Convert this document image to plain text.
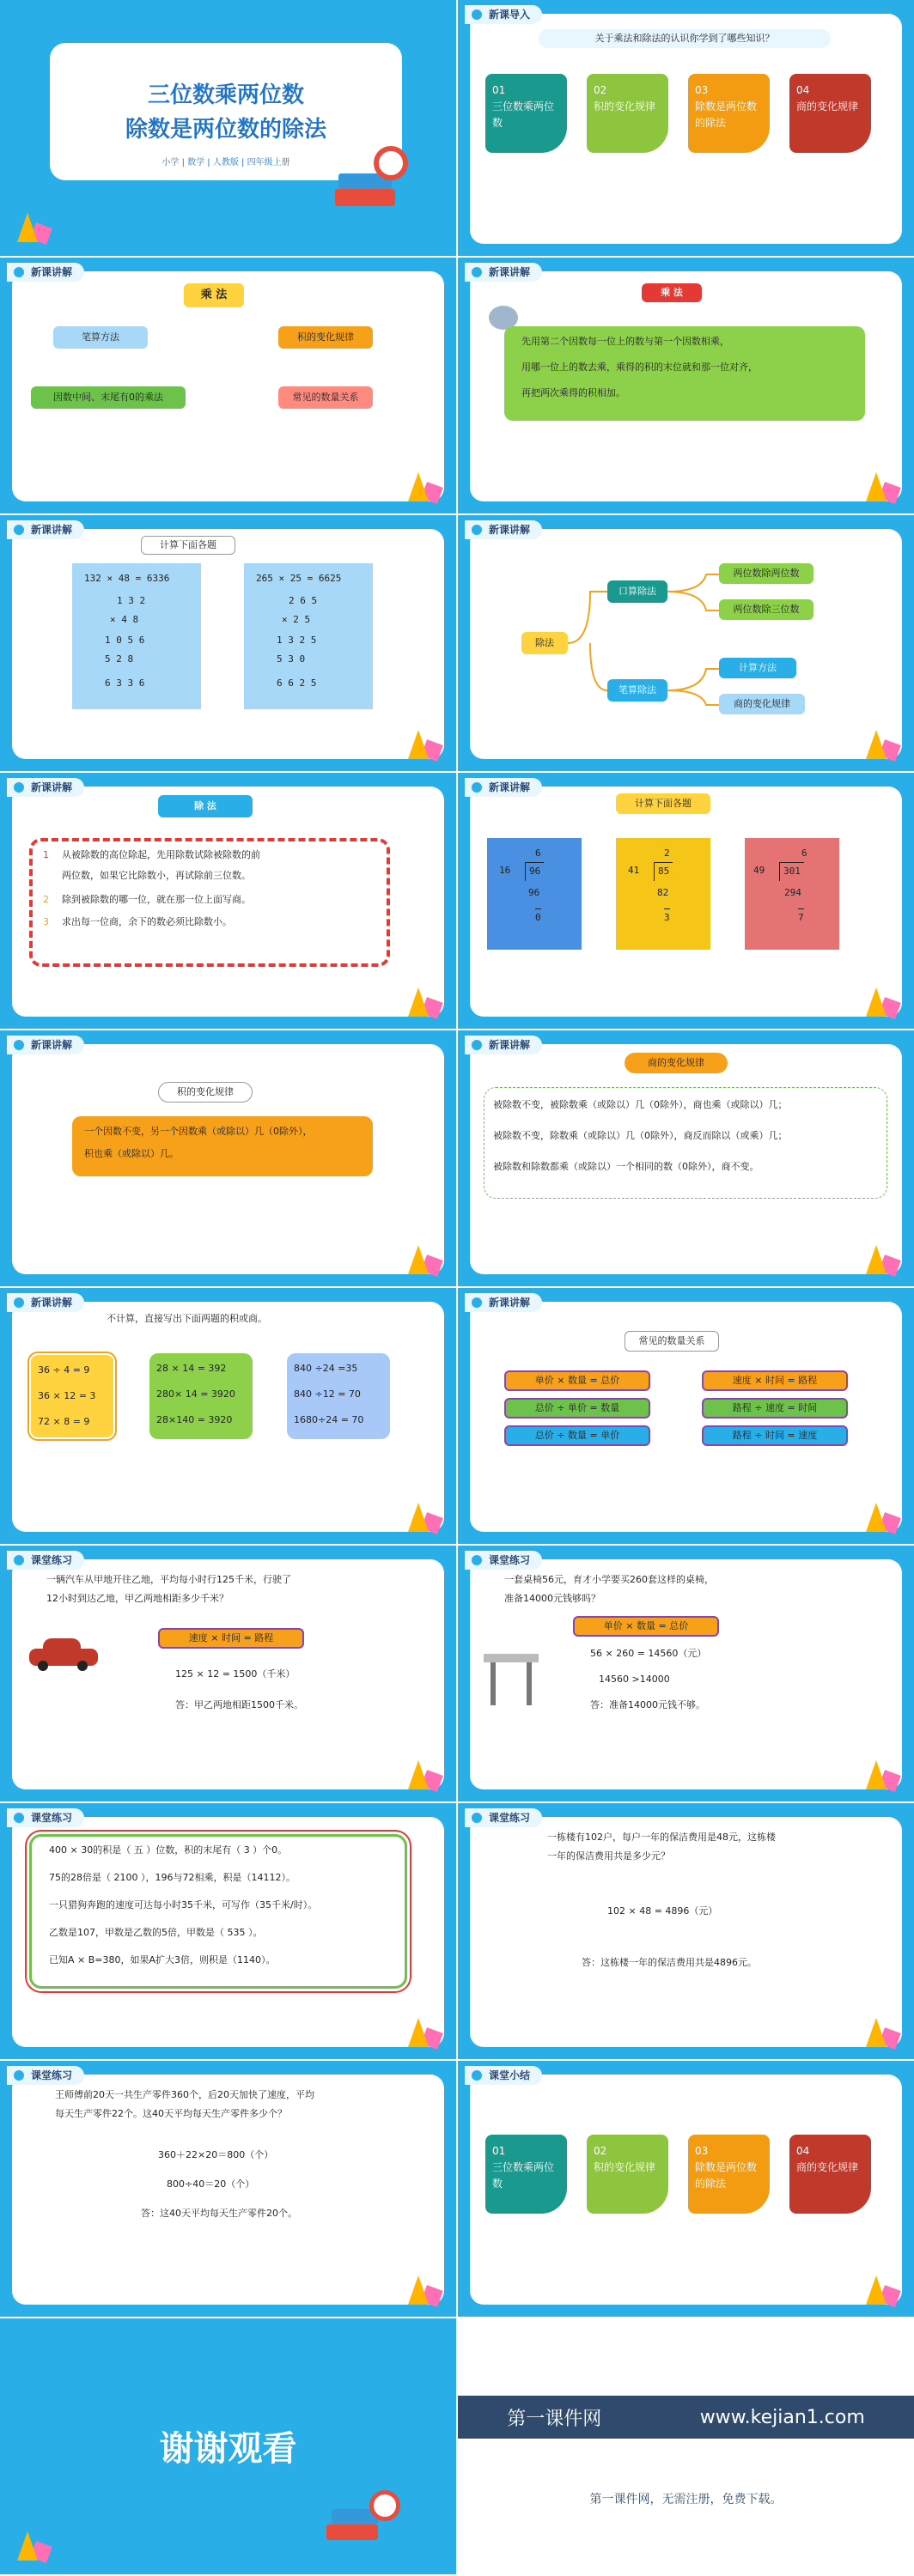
三位数乘两位数
除数是两位数的除法
小学 | 数学 | 人教版 | 四年级上册
关于乘法和除法的认识你学到了哪些知识？
01
三位数乘两位数
02
积的变化规律
03
除数是两位数的除法
04
商的变化规律
新课导入
乘 法
笔算方法	积的变化规律
因数中间、末尾有0的乘法	常见的数量关系
新课讲解
乘 法
先用第二个因数每一位上的数与第一个因数相乘，
用哪一位上的数去乘，乘得的积的末位就和那一位对齐，
再把两次乘得的积相加。
新课讲解
计算下面各题
132 × 48 = 6336
1 3 2
× 4 8
1 0 5 6
5 2 8
6 3 3 6
265 × 25 = 6625
2 6 5
× 2 5
1 3 2 5
5 3 0
6 6 2 5
新课讲解
除法
口算除法
笔算除法
两位数除两位数
两位数除三位数
计算方法
商的变化规律
新课讲解
除 法
1 从被除数的高位除起，先用除数试除被除数的前
两位数，如果它比除数小，再试除前三位数。
2 除到被除数的哪一位，就在那一位上面写商。
3 求出每一位商，余下的数必须比除数小。
新课讲解
计算下面各题
6
16	96
96
0
2
41	85
82
3
6
49	301
294
7
新课讲解
积的变化规律
一个因数不变，另一个因数乘（或除以）几（0除外），
积也乘（或除以）几。
新课讲解
商的变化规律
被除数不变，被除数乘（或除以）几（0除外），商也乘（或除以）几；
被除数不变，除数乘（或除以）几（0除外），商反而除以（或乘）几；
被除数和除数都乘（或除以）一个相同的数（0除外），商不变。
新课讲解
不计算，直接写出下面两题的积或商。
36 ÷ 4 = 9
36 × 12 = 3
72 × 8 = 9
28 × 14 = 392
280× 14 = 3920
28×140 = 3920
840 ÷24 =35
840 ÷12 = 70
1680÷24 = 70
新课讲解
常见的数量关系
单价 × 数量 = 总价
总价 ÷ 单价 = 数量
总价 ÷ 数量 = 单价
速度 × 时间 = 路程
路程 ÷ 速度 = 时间
路程 ÷ 时间 = 速度
新课讲解
一辆汽车从甲地开往乙地，平均每小时行125千米，行驶了
12小时到达乙地，甲乙两地相距多少千米？
速度 × 时间 = 路程
125 × 12 = 1500（千米）
答：甲乙两地相距1500千米。
课堂练习
一套桌椅56元，育才小学要买260套这样的桌椅，
准备14000元钱够吗？
单价 × 数量 = 总价
56 × 260 = 14560（元）
14560 >14000
答：准备14000元钱不够。
课堂练习
400 × 30的积是（ 五 ）位数，积的末尾有（ 3 ）个0。
75的28倍是（ 2100 ），196与72相乘，积是（14112）。
一只猎狗奔跑的速度可达每小时35千米，可写作（35千米/时）。
乙数是107，甲数是乙数的5倍，甲数是（ 535 ）。
已知A × B=380，如果A扩大3倍，则积是（1140）。
课堂练习
一栋楼有102户，每户一年的保洁费用是48元，这栋楼
一年的保洁费用共是多少元？
102 × 48 = 4896（元）
答：这栋楼一年的保洁费用共是4896元。
课堂练习
王师傅前20天一共生产零件360个，后20天加快了速度，平均
每天生产零件22个。这40天平均每天生产零件多少个？
360＋22×20＝800（个）
800÷40＝20（个）
答：这40天平均每天生产零件20个。
课堂练习
01
三位数乘两位数
02
积的变化规律
03
除数是两位数的除法
04
商的变化规律
课堂小结
谢谢观看
第一课件网	www.kejian1.com
第一课件网，无需注册，免费下载。
